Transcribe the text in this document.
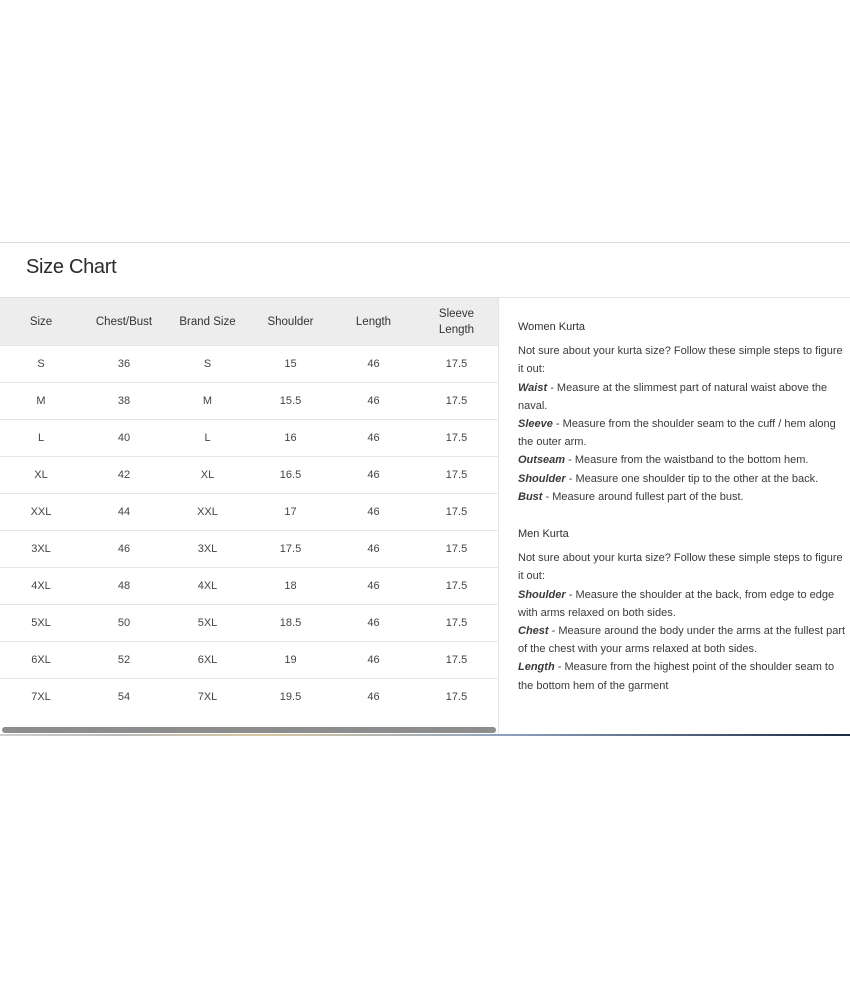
Size Chart
Size	Chest/Bust	Brand Size	Shoulder	Length	Sleeve Length
S	36	S	15	46	17.5
M	38	M	15.5	46	17.5
L	40	L	16	46	17.5
XL	42	XL	16.5	46	17.5
XXL	44	XXL	17	46	17.5
3XL	46	3XL	17.5	46	17.5
4XL	48	4XL	18	46	17.5
5XL	50	5XL	18.5	46	17.5
6XL	52	6XL	19	46	17.5
7XL	54	7XL	19.5	46	17.5
Women Kurta

Not sure about your kurta size? Follow these simple steps to figure it out:

Waist - Measure at the slimmest part of natural waist above the naval.

Sleeve - Measure from the shoulder seam to the cuff / hem along the outer arm.

Outseam - Measure from the waistband to the bottom hem.

Shoulder - Measure one shoulder tip to the other at the back.

Bust - Measure around fullest part of the bust.

Men Kurta

Not sure about your kurta size? Follow these simple steps to figure it out:

Shoulder - Measure the shoulder at the back, from edge to edge with arms relaxed on both sides.

Chest - Measure around the body under the arms at the fullest part of the chest with your arms relaxed at both sides.

Length - Measure from the highest point of the shoulder seam to the bottom hem of the garment
